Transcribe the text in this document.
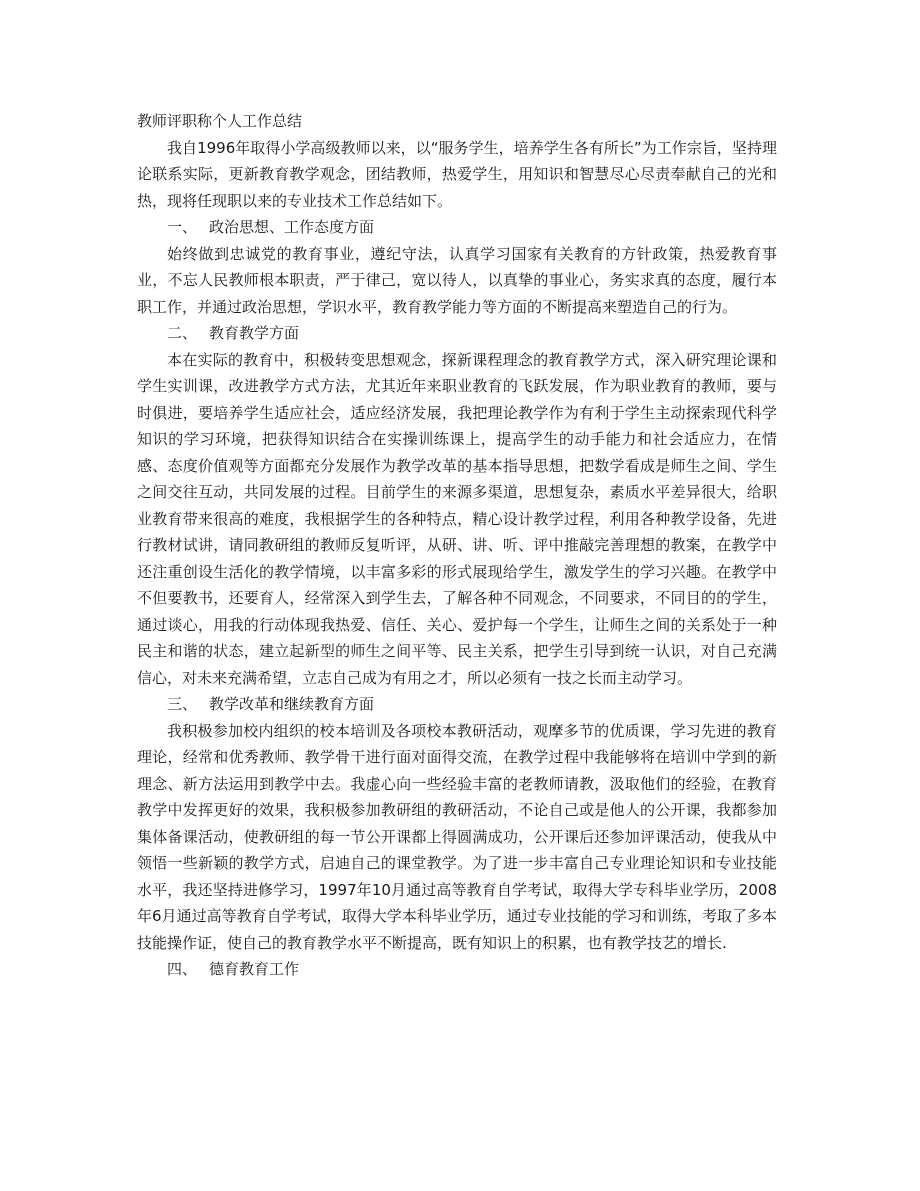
教师评职称个人工作总结

我自1996年取得小学高级教师以来，以“服务学生，培养学生各有所长”为工作宗旨，坚持理论联系实际，更新教育教学观念，团结教师，热爱学生，用知识和智慧尽心尽责奉献自己的光和热，现将任现职以来的专业技术工作总结如下。

一、 政治思想、工作态度方面

始终做到忠诚党的教育事业，遵纪守法，认真学习国家有关教育的方针政策，热爱教育事业，不忘人民教师根本职责，严于律己，宽以待人，以真挚的事业心，务实求真的态度，履行本职工作，并通过政治思想，学识水平，教育教学能力等方面的不断提高来塑造自己的行为。

二、 教育教学方面

本在实际的教育中，积极转变思想观念，探新课程理念的教育教学方式，深入研究理论课和学生实训课，改进教学方式方法，尤其近年来职业教育的飞跃发展，作为职业教育的教师，要与时俱进，要培养学生适应社会，适应经济发展，我把理论教学作为有利于学生主动探索现代科学知识的学习环境，把获得知识结合在实操训练课上，提高学生的动手能力和社会适应力，在情感、态度价值观等方面都充分发展作为教学改革的基本指导思想，把数学看成是师生之间、学生之间交往互动，共同发展的过程。目前学生的来源多渠道，思想复杂，素质水平差异很大，给职业教育带来很高的难度，我根据学生的各种特点，精心设计教学过程，利用各种教学设备，先进行教材试讲，请同教研组的教师反复听评，从研、讲、听、评中推敲完善理想的教案，在教学中还注重创设生活化的教学情境，以丰富多彩的形式展现给学生，激发学生的学习兴趣。在教学中不但要教书，还要育人，经常深入到学生去，了解各种不同观念，不同要求，不同目的的学生，通过谈心，用我的行动体现我热爱、信任、关心、爱护每一个学生，让师生之间的关系处于一种民主和谐的状态，建立起新型的师生之间平等、民主关系，把学生引导到统一认识，对自己充满信心，对未来充满希望，立志自己成为有用之才，所以必须有一技之长而主动学习。

三、 教学改革和继续教育方面

我积极参加校内组织的校本培训及各项校本教研活动，观摩多节的优质课，学习先进的教育理论，经常和优秀教师、教学骨干进行面对面得交流，在教学过程中我能够将在培训中学到的新理念、新方法运用到教学中去。我虚心向一些经验丰富的老教师请教，汲取他们的经验，在教育教学中发挥更好的效果，我积极参加教研组的教研活动，不论自己或是他人的公开课，我都参加集体备课活动，使教研组的每一节公开课都上得圆满成功，公开课后还参加评课活动，使我从中领悟一些新颖的教学方式，启迪自己的课堂教学。为了进一步丰富自己专业理论知识和专业技能水平，我还坚持进修学习，1997年10月通过高等教育自学考试，取得大学专科毕业学历，2008年6月通过高等教育自学考试，取得大学本科毕业学历，通过专业技能的学习和训练，考取了多本技能操作证，使自己的教育教学水平不断提高，既有知识上的积累，也有教学技艺的增长.

四、 德育教育工作
